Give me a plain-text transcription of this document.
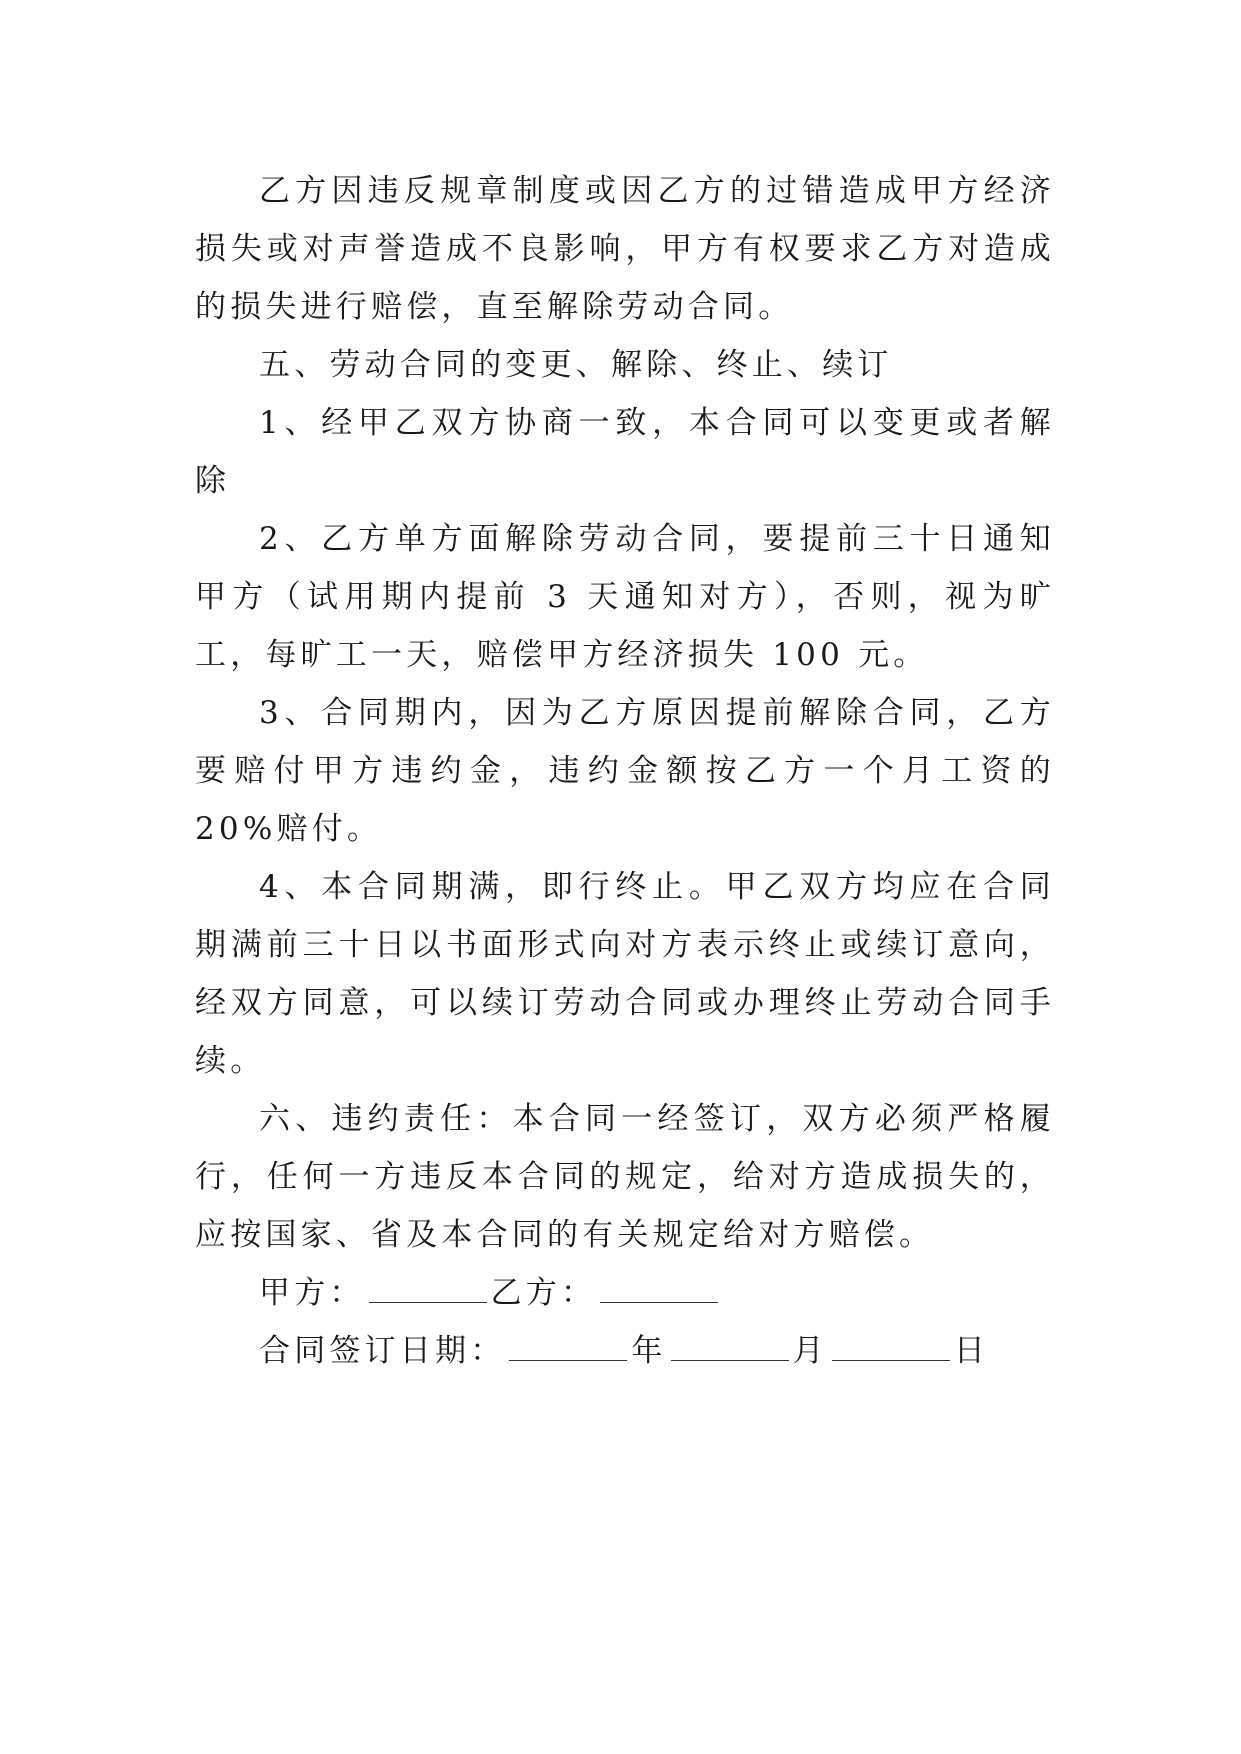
乙方因违反规章制度或因乙方的过错造成甲方经济损失或对声誉造成不良影响，甲方有权要求乙方对造成的损失进行赔偿，直至解除劳动合同。

五、劳动合同的变更、解除、终止、续订

1、经甲乙双方协商一致，本合同可以变更或者解除

2、乙方单方面解除劳动合同，要提前三十日通知甲方（试用期内提前 3 天通知对方），否则，视为旷工，每旷工一天，赔偿甲方经济损失 100 元。

3、合同期内，因为乙方原因提前解除合同，乙方要赔付甲方违约金，违约金额按乙方一个月工资的 20%赔付。

4、本合同期满，即行终止。甲乙双方均应在合同期满前三十日以书面形式向对方表示终止或续订意向，经双方同意，可以续订劳动合同或办理终止劳动合同手续。

六、违约责任：本合同一经签订，双方必须严格履行，任何一方违反本合同的规定，给对方造成损失的，应按国家、省及本合同的有关规定给对方赔偿。

甲方：	乙方：
合同签订日期：	年	月	日
